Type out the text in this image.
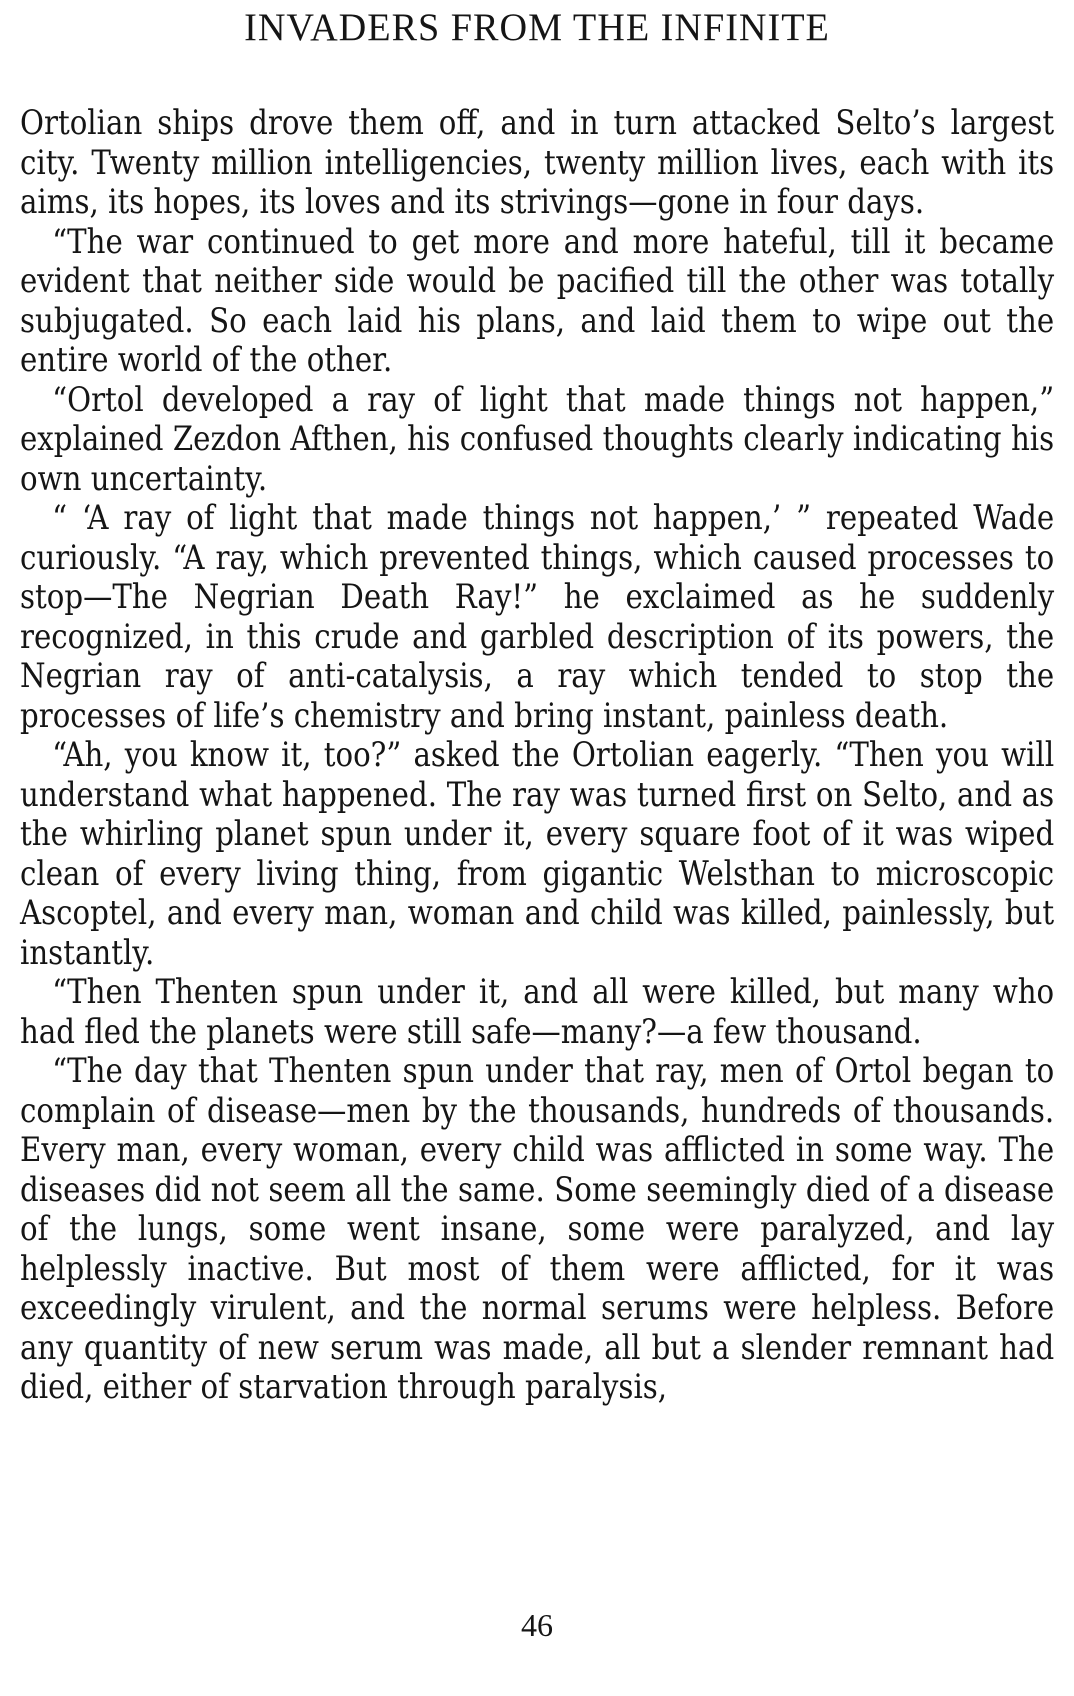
INVADERS FROM THE INFINITE

Ortolian ships drove them off, and in turn attacked Selto’s largest city. Twenty million intelligencies, twenty million lives, each with its aims, its hopes, its loves and its strivings—gone in four days.

“The war continued to get more and more hateful, till it became evident that neither side would be pacified till the other was totally subjugated. So each laid his plans, and laid them to wipe out the entire world of the other.

“Ortol developed a ray of light that made things not happen,” explained Zezdon Afthen, his confused thoughts clearly indicating his own uncertainty.

“ ‘A ray of light that made things not happen,’ ” repeated Wade curiously. “A ray, which prevented things, which caused processes to stop—The Negrian Death Ray!” he exclaimed as he suddenly recognized, in this crude and garbled description of its powers, the Negrian ray of anti-catalysis, a ray which tended to stop the processes of life’s chemistry and bring instant, painless death.

“Ah, you know it, too?” asked the Ortolian eagerly. “Then you will understand what happened. The ray was turned first on Selto, and as the whirling planet spun under it, every square foot of it was wiped clean of every living thing, from gigantic Welsthan to microscopic Ascoptel, and every man, woman and child was killed, painlessly, but instantly.

“Then Thenten spun under it, and all were killed, but many who had fled the planets were still safe—many?—a few thousand.

“The day that Thenten spun under that ray, men of Ortol began to complain of disease—men by the thousands, hundreds of thousands. Every man, every woman, every child was afflicted in some way. The diseases did not seem all the same. Some seemingly died of a disease of the lungs, some went insane, some were paralyzed, and lay helplessly inactive. But most of them were afflicted, for it was exceedingly virulent, and the normal serums were helpless. Before any quantity of new serum was made, all but a slender remnant had died, either of starvation through paralysis,

46
